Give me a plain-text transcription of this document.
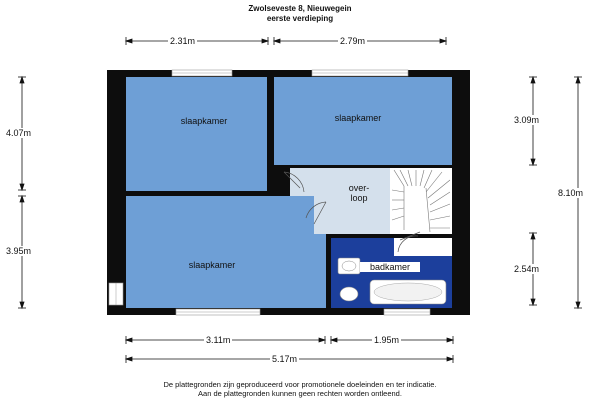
Zwolseveste 8, Nieuwegein
eerste verdieping
slaapkamer	slaapkamer
slaapkamer
over-
loop
badkamer
2.31m	2.79m
4.07m
3.95m
3.09m
2.54m
8.10m
3.11m	1.95m
5.17m
De plattegronden zijn geproduceerd voor promotionele doeleinden en ter indicatie.
Aan de plattegronden kunnen geen rechten worden ontleend.
